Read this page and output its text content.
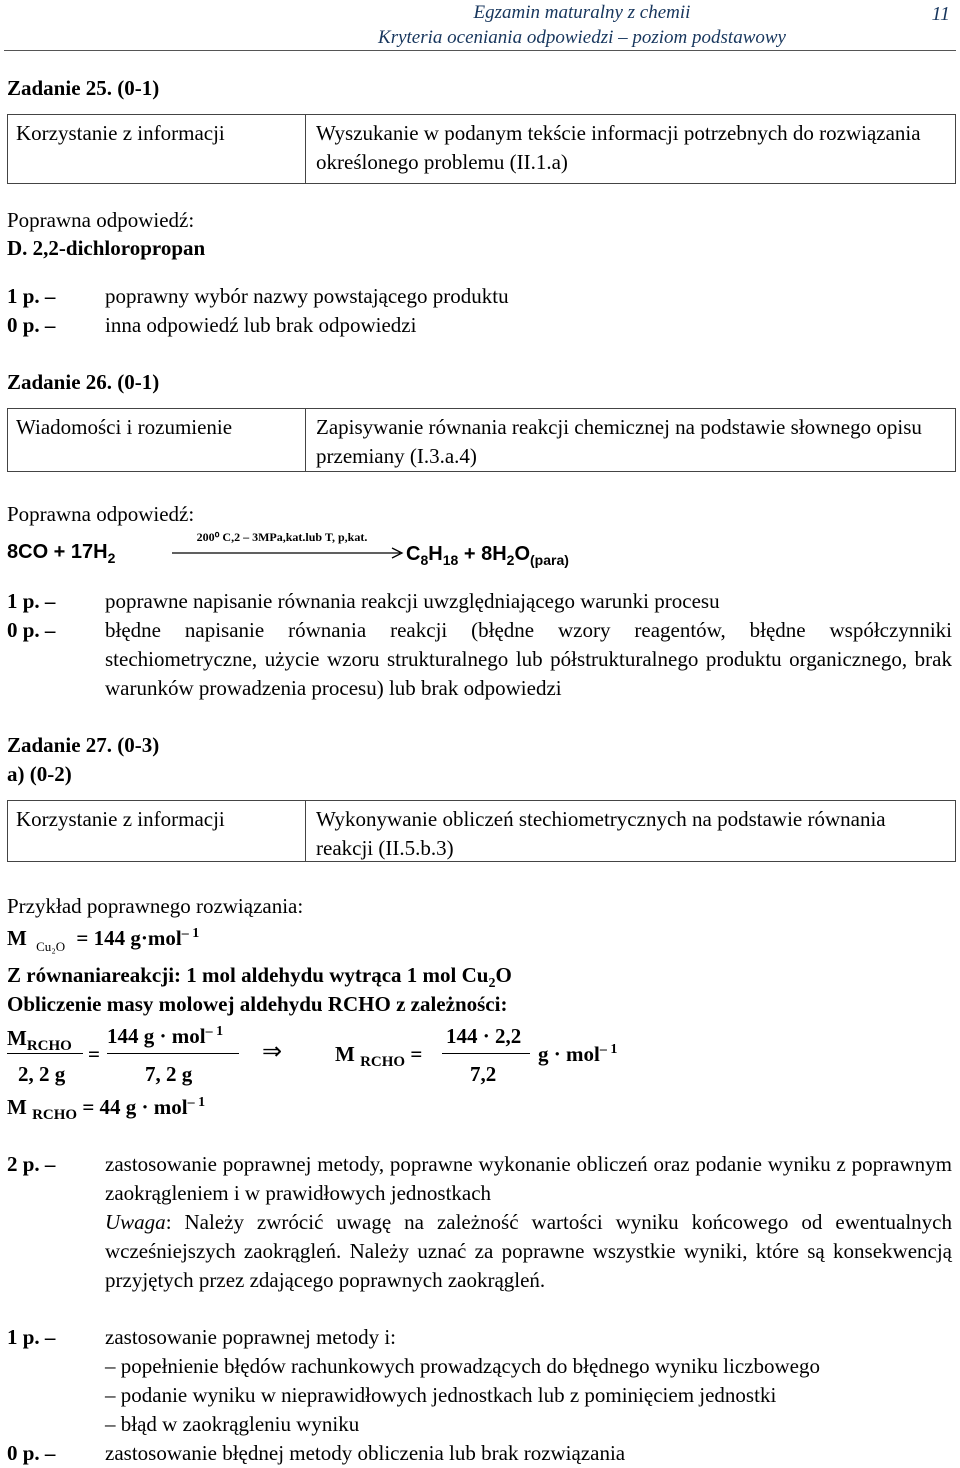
Egzamin maturalny z chemii
Kryteria oceniania odpowiedzi – poziom podstawowy
11
Zadanie 25. (0-1)
Korzystanie z informacji	Wyszukanie w podanym tekście informacji potrzebnych do rozwiązania określonego problemu (II.1.a)
Poprawna odpowiedź:
D. 2,2-dichloropropan
1 p. –	poprawny wybór nazwy powstającego produktu
0 p. –	inna odpowiedź lub brak odpowiedzi
Zadanie 26. (0-1)
Wiadomości i rozumienie	Zapisywanie równania reakcji chemicznej na podstawie słownego opisu przemiany (I.3.a.4)
Poprawna odpowiedź:
$8CO + 17H_2$
200⁰ C,2 – 3MPa,kat.lub T, p,kat.
$C_8H_{18} + 8H_2O_{(para)}$
1 p. –	poprawne napisanie równania reakcji uwzględniającego warunki procesu
0 p. –	błędne napisanie równania reakcji (błędne wzory reagentów, błędne współczynniki stechiometryczne, użycie wzoru strukturalnego lub półstrukturalnego produktu organicznego, brak warunków prowadzenia procesu) lub brak odpowiedzi
Zadanie 27. (0-3)
a) (0-2)
Korzystanie z informacji	Wykonywanie obliczeń stechiometrycznych na podstawie równania reakcji (II.5.b.3)
Przykład poprawnego rozwiązania:
M $_{Cu_2O}$ = 144 g·mol$^{- 1}$
Z równaniareakcji: 1 mol aldehydu wytrąca 1 mol $Cu_2O$
Obliczenie masy molowej aldehydu RCHO z zależności:
$M_{RCHO}$
2, 2 g
=
144 g · mol$^{- 1}$
7, 2 g
⇒	M $_{RCHO}$ =
144 · 2,2
7,2
g · mol$^{- 1}$
M $_{RCHO}$ = 44 g · mol$^{- 1}$
2 p. –	zastosowanie poprawnej metody, poprawne wykonanie obliczeń oraz podanie wyniku z poprawnym zaokrągleniem i w prawidłowych jednostkach
Uwaga: Należy zwrócić uwagę na zależność wartości wyniku końcowego od ewentualnych wcześniejszych zaokrągleń. Należy uznać za poprawne wszystkie wyniki, które są konsekwencją przyjętych przez zdającego poprawnych zaokrągleń.
1 p. –	zastosowanie poprawnej metody i:
– popełnienie błędów rachunkowych prowadzących do błędnego wyniku liczbowego
– podanie wyniku w nieprawidłowych jednostkach lub z pominięciem jednostki
– błąd w zaokrągleniu wyniku
0 p. –	zastosowanie błędnej metody obliczenia lub brak rozwiązania
